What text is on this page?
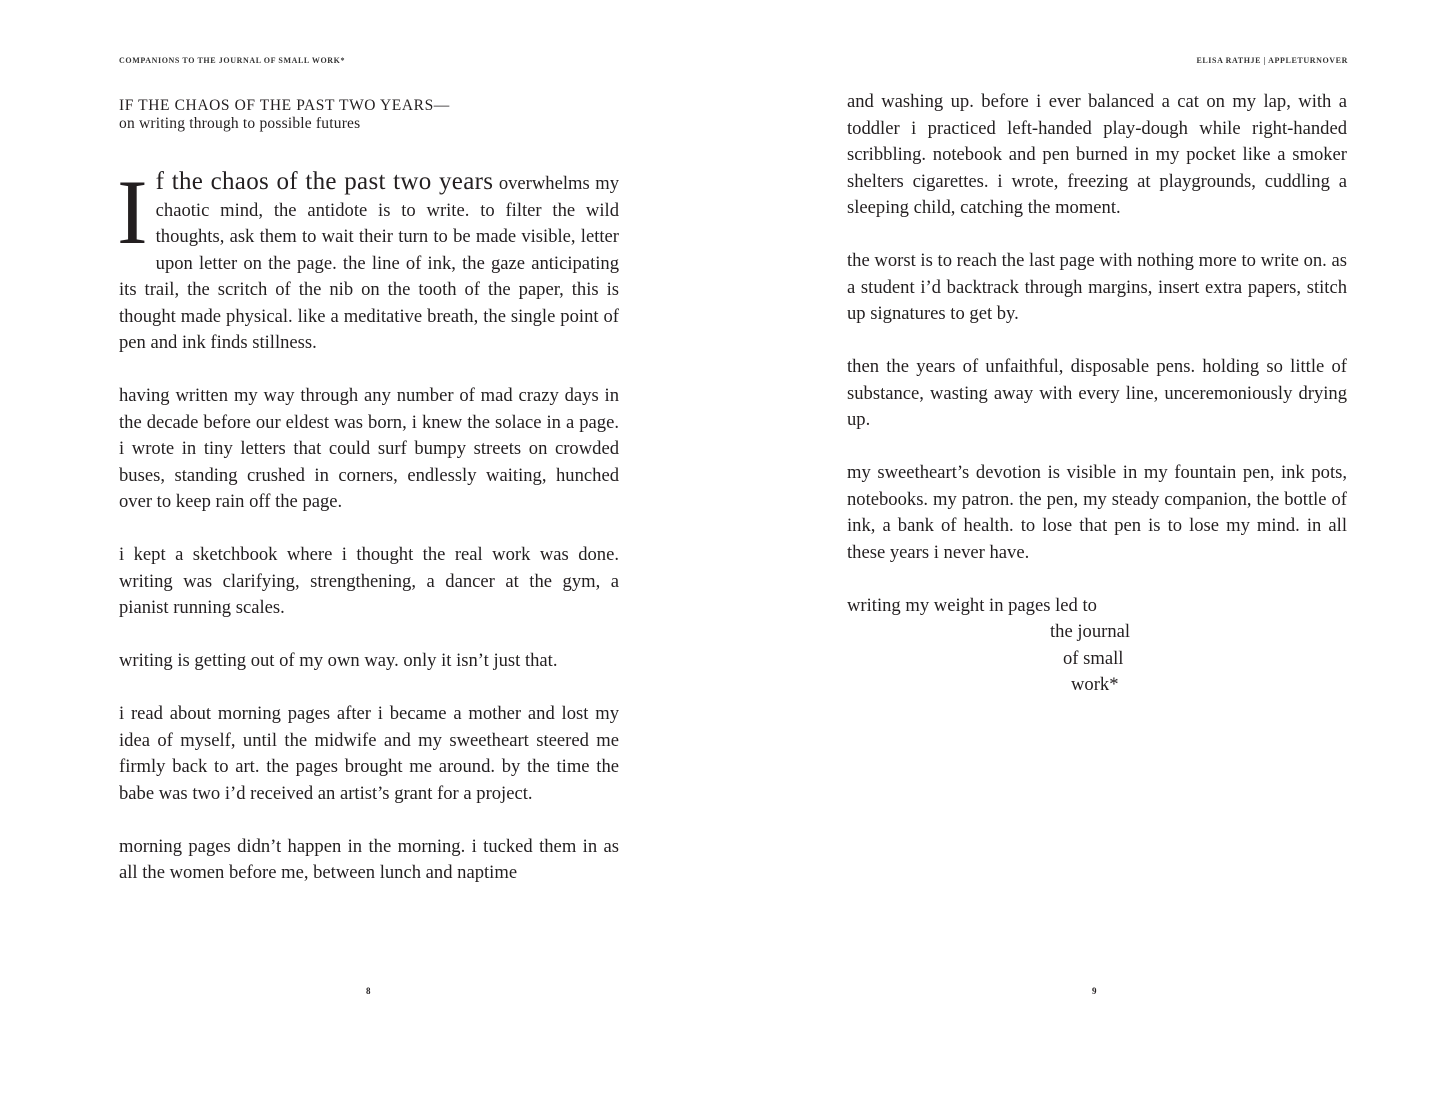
COMPANIONS TO THE JOURNAL OF SMALL WORK*
IF THE CHAOS OF THE PAST TWO YEARS—
on writing through to possible futures

If the chaos of the past two years overwhelms my chaotic mind, the antidote is to write. to filter the wild thoughts, ask them to wait their turn to be made visible, letter upon letter on the page. the line of ink, the gaze anticipating its trail, the scritch of the nib on the tooth of the paper, this is thought made physical. like a meditative breath, the single point of pen and ink finds stillness.

having written my way through any number of mad crazy days in the decade before our eldest was born, i knew the solace in a page. i wrote in tiny letters that could surf bumpy streets on crowded buses, standing crushed in corners, endlessly waiting, hunched over to keep rain off the page.

i kept a sketchbook where i thought the real work was done. writing was clarifying, strengthening, a dancer at the gym, a pianist running scales.

writing is getting out of my own way. only it isn’t just that.

i read about morning pages after i became a mother and lost my idea of myself, until the midwife and my sweetheart steered me firmly back to art. the pages brought me around. by the time the babe was two i’d received an artist’s grant for a project.

morning pages didn’t happen in the morning. i tucked them in as all the women before me, between lunch and naptime

8
ELISA RATHJE | APPLETURNOVER

and washing up. before i ever balanced a cat on my lap, with a toddler i practiced left-handed play-dough while right-handed scribbling. notebook and pen burned in my pocket like a smoker shelters cigarettes. i wrote, freezing at playgrounds, cuddling a sleeping child, catching the moment.

the worst is to reach the last page with nothing more to write on. as a student i’d backtrack through margins, insert extra papers, stitch up signatures to get by.

then the years of unfaithful, disposable pens. holding so little of substance, wasting away with every line, unceremoniously drying up.

my sweetheart’s devotion is visible in my fountain pen, ink pots, notebooks. my patron. the pen, my steady companion, the bottle of ink, a bank of health. to lose that pen is to lose my mind. in all these years i never have.

writing my weight in pages led to
the journal
of small
work*
9
